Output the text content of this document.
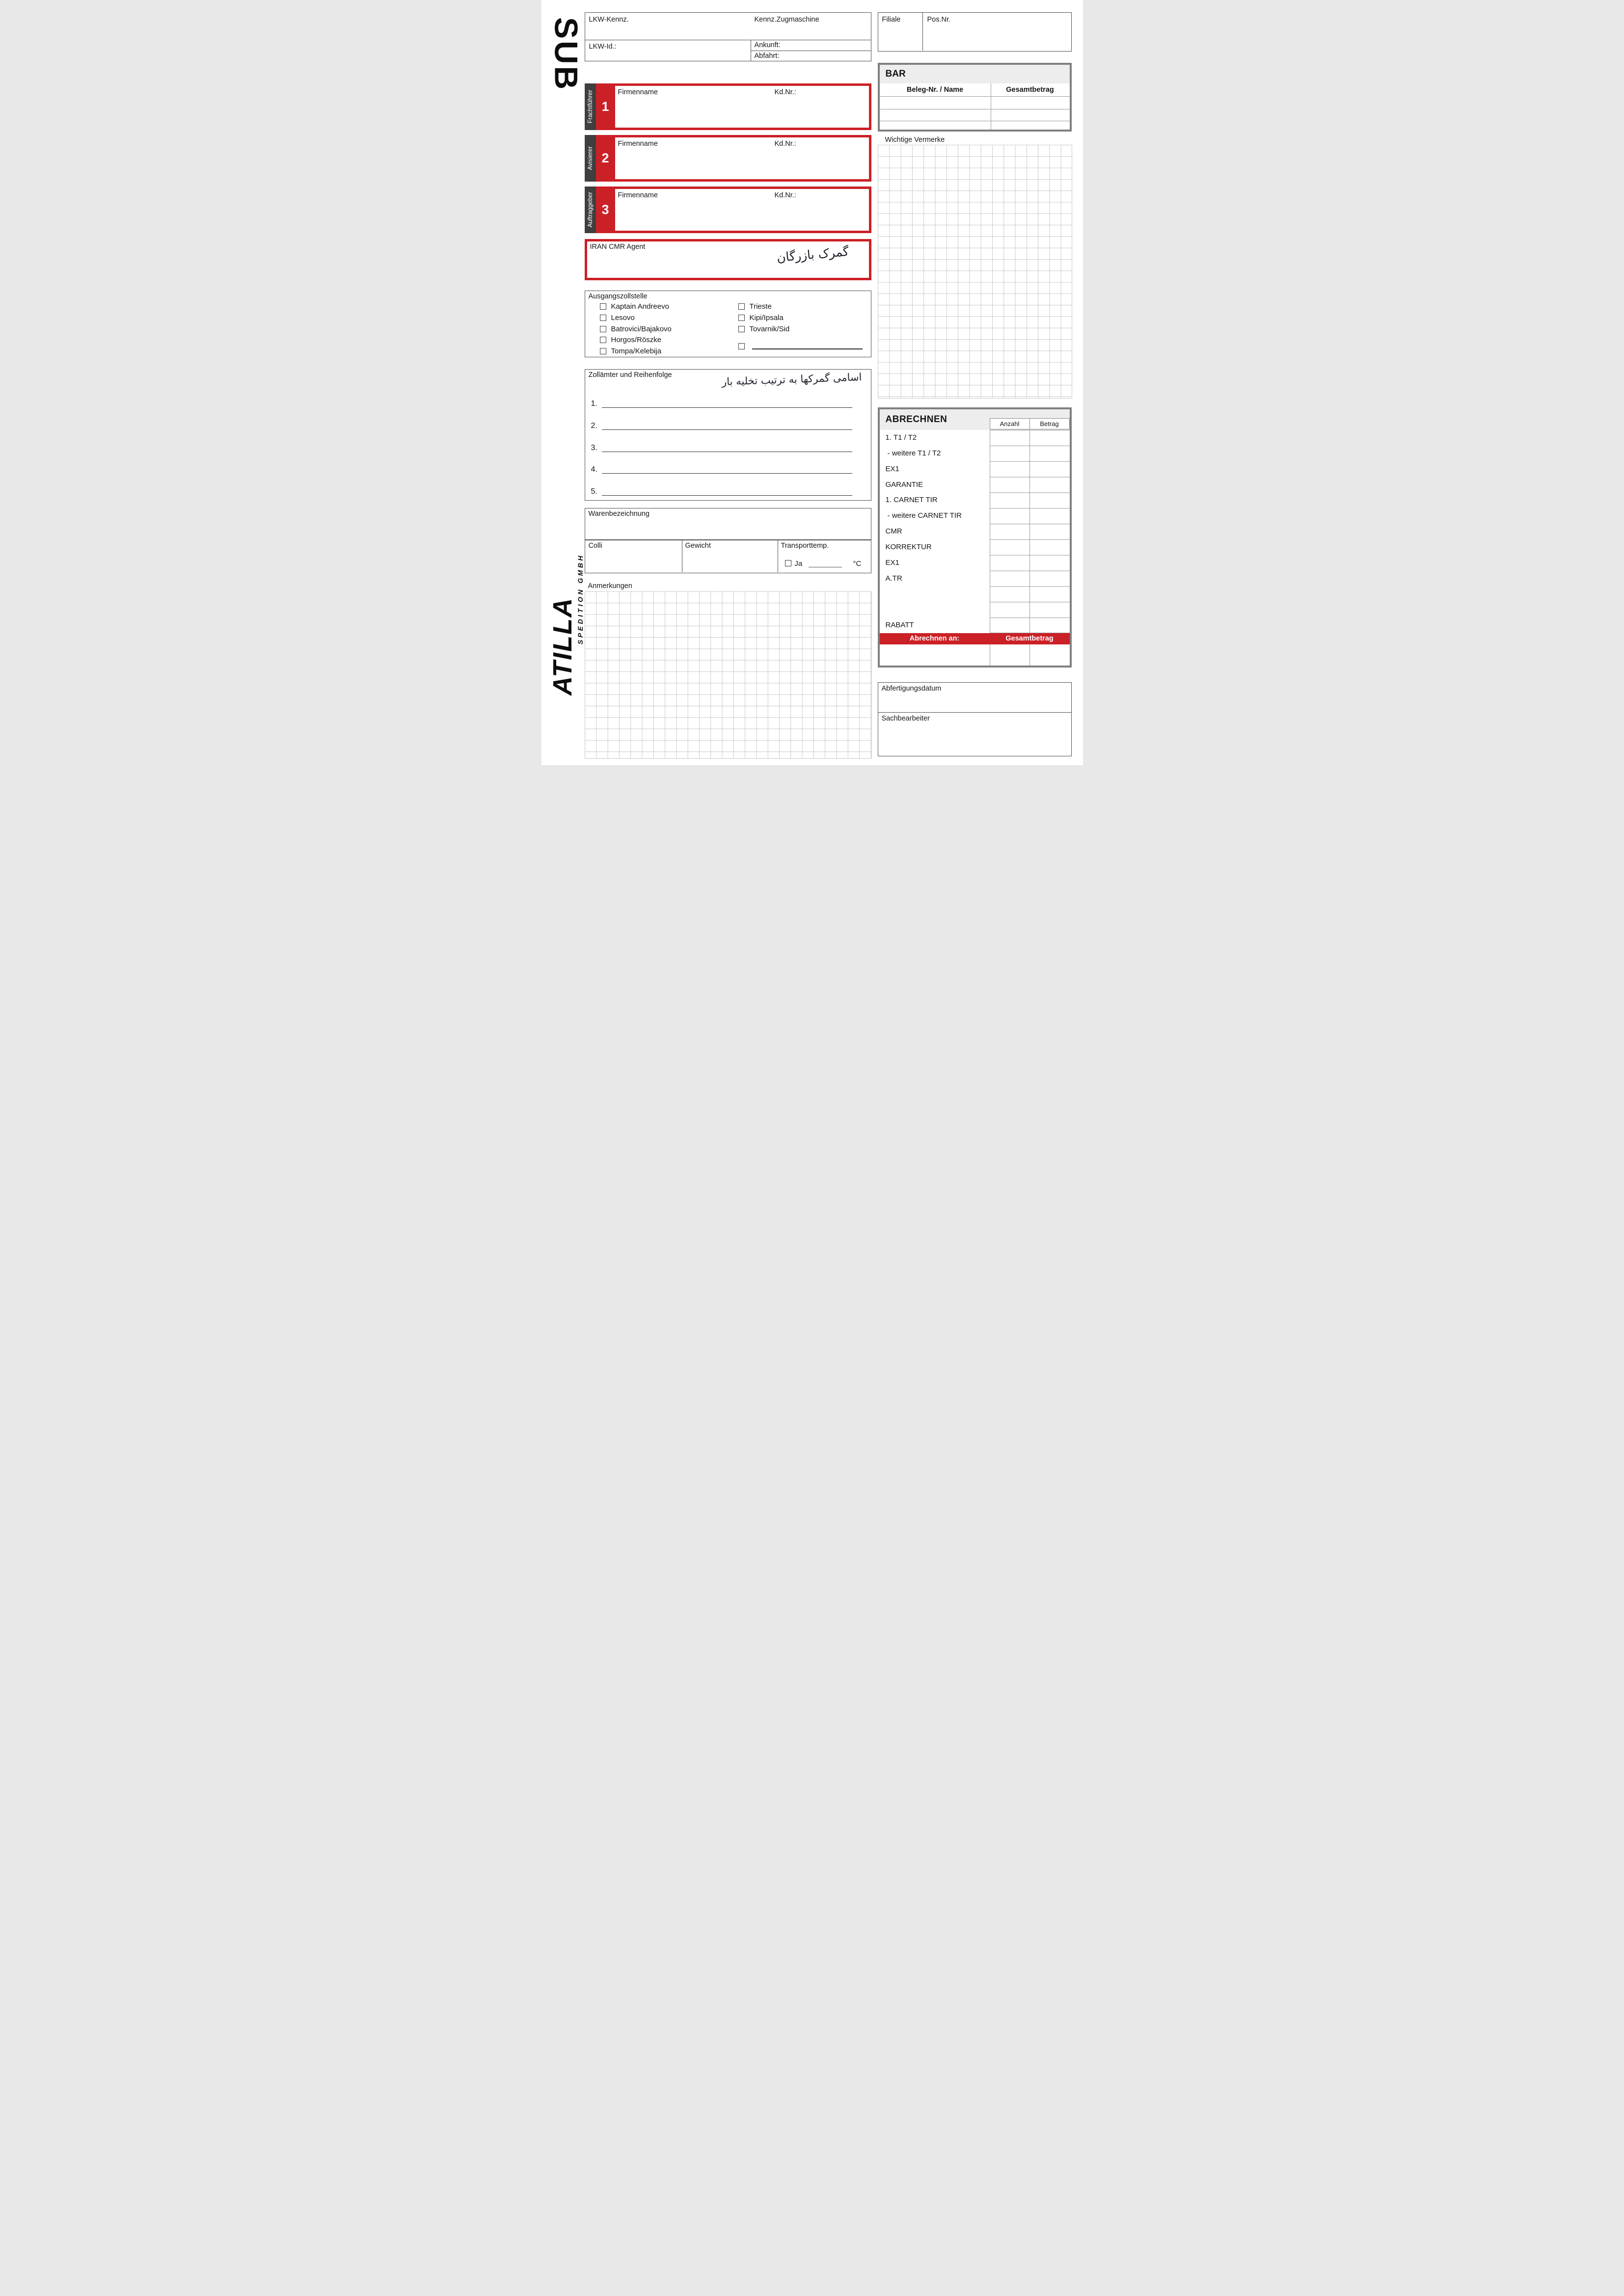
SUB
ATILLA
SPEDITION GMBH
LKW-Kennz.	Kennz.Zugmaschine
LKW-Id.:	Ankunft:
Abfahrt:
Filiale	Pos.Nr.
BAR
Beleg-Nr. / Name	Gesamtbetrag
Frachtführer 1
Firmenname	Kd.Nr.:
Avisierer 2
Firmenname	Kd.Nr.:
Auftraggeber 3
Firmenname	Kd.Nr.:
IRAN CMR Agent	گمرک بازرگان
Ausgangszollstelle
Kaptain Andreevo
Lesovo
Batrovici/Bajakovo
Horgos/Röszke
Tompa/Kelebija
Trieste
Kipi/Ipsala
Tovarnik/Sid
Zollämter und Reihenfolge	اسامی گمرکها به ترتیب تخلیه بار
1.
2.
3.
4.
5.
Warenbezeichnung
Colli	Gewicht	Transporttemp.
Ja	°C
Anmerkungen
Wichtige Vermerke
ABRECHNEN	Anzahl	Betrag
1. T1 / T2
- weitere T1 / T2
EX1
GARANTIE
1. CARNET TIR
- weitere CARNET TIR
CMR
KORREKTUR
EX1
A.TR
RABATT
Abrechnen an:	Gesamtbetrag
Abfertigungsdatum
Sachbearbeiter
